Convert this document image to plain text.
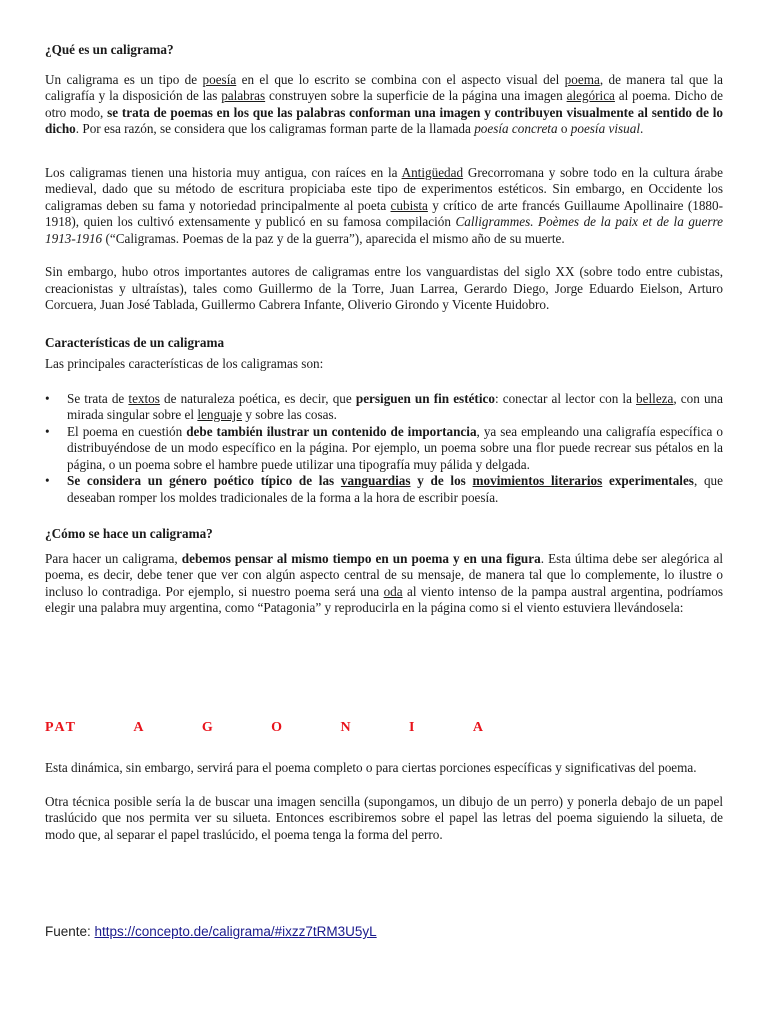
¿Qué es un caligrama?

Un caligrama es un tipo de poesía en el que lo escrito se combina con el aspecto visual del poema, de manera tal que la caligrafía y la disposición de las palabras construyen sobre la superficie de la página una imagen alegórica al poema. Dicho de otro modo, se trata de poemas en los que las palabras conforman una imagen y contribuyen visualmente al sentido de lo dicho. Por esa razón, se considera que los caligramas forman parte de la llamada poesía concreta o poesía visual.

Los caligramas tienen una historia muy antigua, con raíces en la Antigüedad Grecorromana y sobre todo en la cultura árabe medieval, dado que su método de escritura propiciaba este tipo de experimentos estéticos. Sin embargo, en Occidente los caligramas deben su fama y notoriedad principalmente al poeta cubista y crítico de arte francés Guillaume Apollinaire (1880-1918), quien los cultivó extensamente y publicó en su famosa compilación Calligrammes. Poèmes de la paix et de la guerre 1913-1916 (“Caligramas. Poemas de la paz y de la guerra”), aparecida el mismo año de su muerte.

Sin embargo, hubo otros importantes autores de caligramas entre los vanguardistas del siglo XX (sobre todo entre cubistas, creacionistas y ultraístas), tales como Guillermo de la Torre, Juan Larrea, Gerardo Diego, Jorge Eduardo Eielson, Arturo Corcuera, Juan José Tablada, Guillermo Cabrera Infante, Oliverio Girondo y Vicente Huidobro.

Características de un caligrama

Las principales características de los caligramas son:

• Se trata de textos de naturaleza poética, es decir, que persiguen un fin estético: conectar al lector con la belleza, con una mirada singular sobre el lenguaje y sobre las cosas.
• El poema en cuestión debe también ilustrar un contenido de importancia, ya sea empleando una caligrafía específica o distribuyéndose de un modo específico en la página. Por ejemplo, un poema sobre una flor puede recrear sus pétalos en la página, o un poema sobre el hambre puede utilizar una tipografía muy pálida y delgada.
• Se considera un género poético típico de las vanguardias y de los movimientos literarios experimentales, que deseaban romper los moldes tradicionales de la forma a la hora de escribir poesía.

¿Cómo se hace un caligrama?

Para hacer un caligrama, debemos pensar al mismo tiempo en un poema y en una figura. Esta última debe ser alegórica al poema, es decir, debe tener que ver con algún aspecto central de su mensaje, de manera tal que lo complemente, lo ilustre o incluso lo contradiga. Por ejemplo, si nuestro poema será una oda al viento intenso de la pampa austral argentina, podríamos elegir una palabra muy argentina, como “Patagonia” y reproducirla en la página como si el viento estuviera llevándosela:

PAT	A	G	O	N	I	A

Esta dinámica, sin embargo, servirá para el poema completo o para ciertas porciones específicas y significativas del poema.

Otra técnica posible sería la de buscar una imagen sencilla (supongamos, un dibujo de un perro) y ponerla debajo de un papel traslúcido que nos permita ver su silueta. Entonces escribiremos sobre el papel las letras del poema siguiendo la silueta, de modo que, al separar el papel traslúcido, el poema tenga la forma del perro.

Fuente: https://concepto.de/caligrama/#ixzz7tRM3U5yL
